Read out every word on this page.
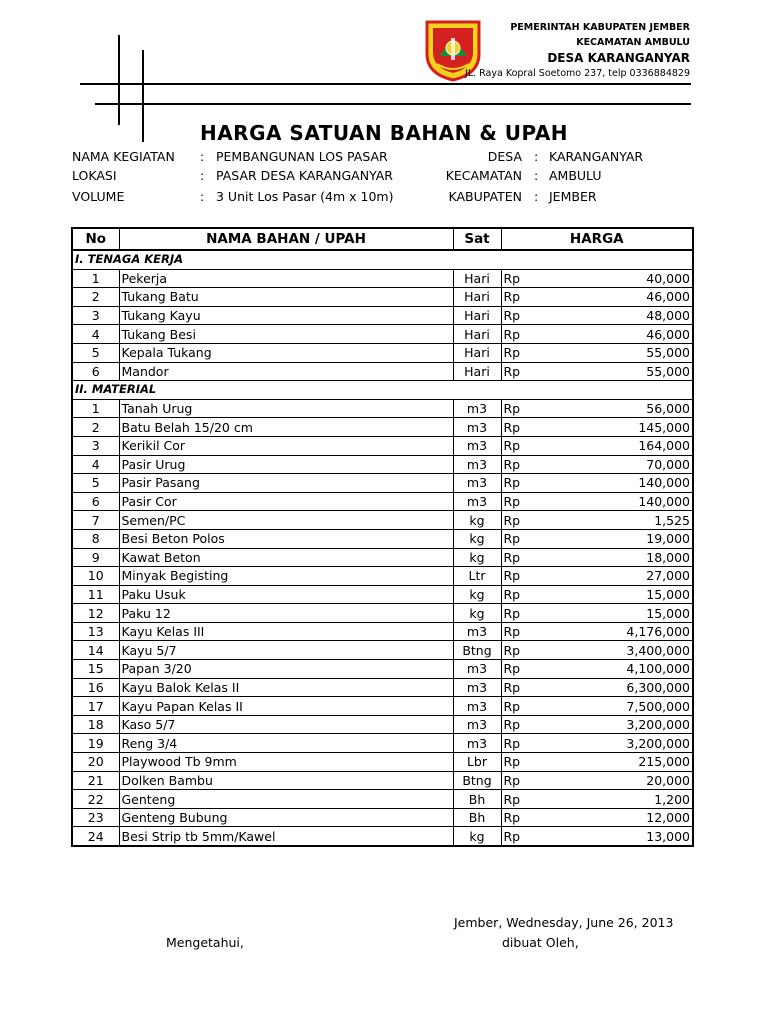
PEMERINTAH KABUPATEN JEMBER
KECAMATAN AMBULU
DESA KARANGANYAR
JL. Raya Kopral Soetomo 237, telp 0336884829
HARGA SATUAN BAHAN & UPAH
NAMA KEGIATAN : PEMBANGUNAN LOS PASAR
LOKASI	: PASAR DESA KARANGANYAR
VOLUME	: 3 Unit Los Pasar (4m x 10m)
DESA : KARANGANYAR
KECAMATAN : AMBULU
KABUPATEN : JEMBER
No	NAMA BAHAN / UPAH	Sat	HARGA	
I. TENAGA KERJA				
1	Pekerja	Hari	Rp	40,000
2	Tukang Batu	Hari	Rp	46,000
3	Tukang Kayu	Hari	Rp	48,000
4	Tukang Besi	Hari	Rp	46,000
5	Kepala Tukang	Hari	Rp	55,000
6	Mandor	Hari	Rp	55,000
II. MATERIAL				
1	Tanah Urug	m3	Rp	56,000
2	Batu Belah 15/20 cm	m3	Rp	145,000
3	Kerikil Cor	m3	Rp	164,000
4	Pasir Urug	m3	Rp	70,000
5	Pasir Pasang	m3	Rp	140,000
6	Pasir Cor	m3	Rp	140,000
7	Semen/PC	kg	Rp	1,525
8	Besi Beton Polos	kg	Rp	19,000
9	Kawat Beton	kg	Rp	18,000
10	Minyak Begisting	Ltr	Rp	27,000
11	Paku Usuk	kg	Rp	15,000
12	Paku 12	kg	Rp	15,000
13	Kayu Kelas III	m3	Rp	4,176,000
14	Kayu 5/7	Btng	Rp	3,400,000
15	Papan 3/20	m3	Rp	4,100,000
16	Kayu Balok Kelas II	m3	Rp	6,300,000
17	Kayu Papan Kelas II	m3	Rp	7,500,000
18	Kaso 5/7	m3	Rp	3,200,000
19	Reng 3/4	m3	Rp	3,200,000
20	Playwood Tb 9mm	Lbr	Rp	215,000
21	Dolken Bambu	Btng	Rp	20,000
22	Genteng	Bh	Rp	1,200
23	Genteng Bubung	Bh	Rp	12,000
24	Besi Strip tb 5mm/Kawel	kg	Rp	13,000
Jember, Wednesday, June 26, 2013
Mengetahui,	dibuat Oleh,
